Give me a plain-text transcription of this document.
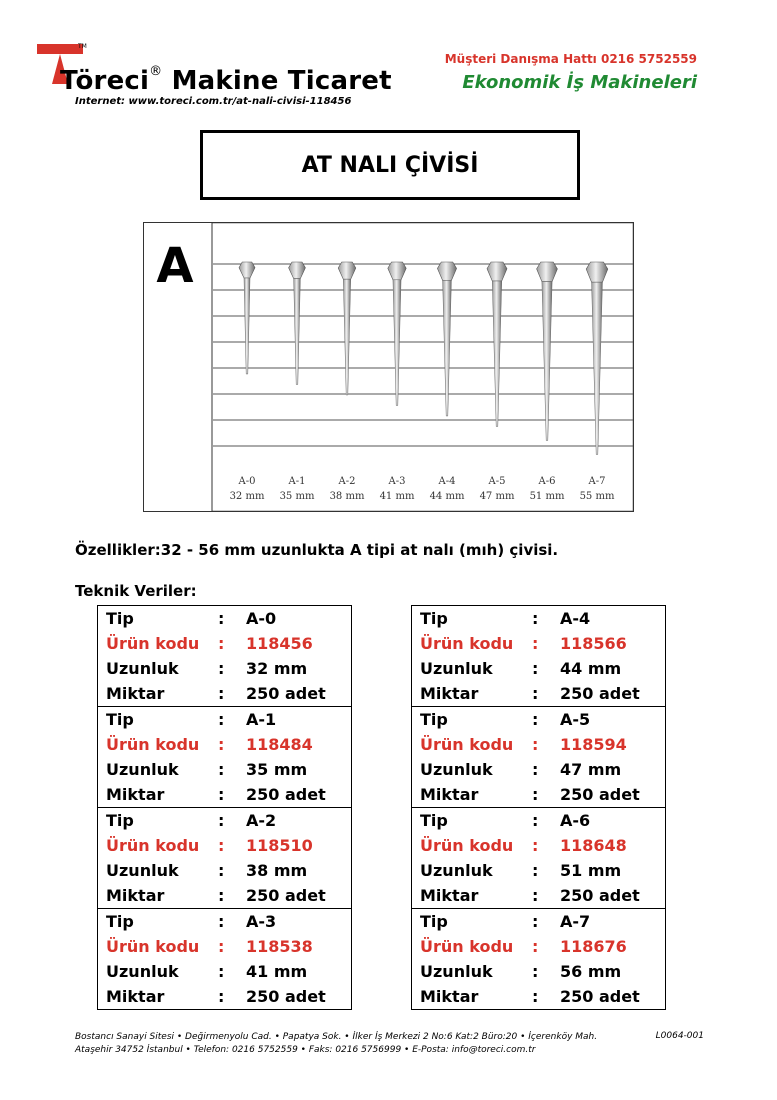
TM
Töreci® Makine Ticaret
Internet: www.toreci.com.tr/at-nali-civisi-118456
Müşteri Danışma Hattı 0216 5752559
Ekonomik İş Makineleri
AT NALI ÇİVİSİ
A
A-0
32 mm
A-1
35 mm
A-2
38 mm
A-3
41 mm
A-4
44 mm
A-5
47 mm
A-6
51 mm
A-7
55 mm
Özellikler:32 - 56 mm uzunlukta A tipi at nalı (mıh) çivisi.
Teknik Veriler:
Tip	: A-0
Ürün kodu : 118456
Uzunluk : 32 mm
Miktar	: 250 adet
Tip	: A-1
Ürün kodu : 118484
Uzunluk : 35 mm
Miktar	: 250 adet
Tip	: A-2
Ürün kodu : 118510
Uzunluk : 38 mm
Miktar	: 250 adet
Tip	: A-3
Ürün kodu : 118538
Uzunluk : 41 mm
Miktar	: 250 adet
Tip	: A-4
Ürün kodu : 118566
Uzunluk : 44 mm
Miktar	: 250 adet
Tip	: A-5
Ürün kodu : 118594
Uzunluk : 47 mm
Miktar	: 250 adet
Tip	: A-6
Ürün kodu : 118648
Uzunluk : 51 mm
Miktar	: 250 adet
Tip	: A-7
Ürün kodu : 118676
Uzunluk : 56 mm
Miktar	: 250 adet
Bostancı Sanayi Sitesi • Değirmenyolu Cad. • Papatya Sok. • İlker İş Merkezi 2 No:6 Kat:2 Büro:20 • İçerenköy Mah.
Ataşehir 34752 İstanbul • Telefon: 0216 5752559 • Faks: 0216 5756999 • E-Posta: info@toreci.com.tr
L0064-001
